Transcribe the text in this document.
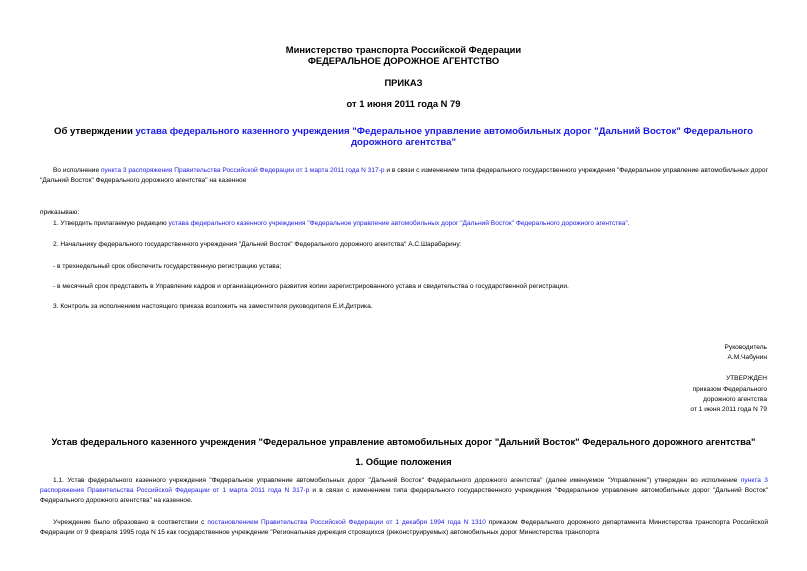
Министерство транспорта Российской Федерации
ФЕДЕРАЛЬНОЕ ДОРОЖНОЕ АГЕНТСТВО
ПРИКАЗ
от 1 июня 2011 года N 79
Об утверждении устава федерального казенного учреждения "Федеральное управление автомобильных дорог "Дальний Восток" Федерального дорожного агентства"
Во исполнение пункта 3 распоряжения Правительства Российской Федерации от 1 марта 2011 года N 317-р и в связи с изменением типа федерального государственного учреждения "Федеральное управление автомобильных дорог "Дальний Восток" Федерального дорожного агентства" на казенное
приказываю:
1. Утвердить прилагаемую редакцию устава федерального казенного учреждения "Федеральное управление автомобильных дорог "Дальний Восток" Федерального дорожного агентства".
2. Начальнику федерального государственного учреждения "Дальний Восток" Федерального дорожного агентства" А.С.Шарабарину:
- в трехнедельный срок обеспечить государственную регистрацию устава;
- в месячный срок представить в Управление кадров и организационного развития копии зарегистрированного устава и свидетельства о государственной регистрации.
3. Контроль за исполнением настоящего приказа возложить на заместителя руководителя Е.И.Дитрика.
Руководитель
А.М.Чабунин
УТВЕРЖДЕН
приказом Федерального
дорожного агентства
от 1 июня 2011 года N 79
Устав федерального казенного учреждения "Федеральное управление автомобильных дорог "Дальний Восток" Федерального дорожного агентства"
1. Общие положения
1.1. Устав федерального казенного учреждения "Федеральное управление автомобильных дорог "Дальний Восток" Федерального дорожного агентства" (далее именуемое "Управление") утвержден во исполнение пункта 3 распоряжения Правительства Российской Федерации от 1 марта 2011 года N 317-р и в связи с изменением типа федерального государственного учреждения "Федеральное управление автомобильных дорог "Дальний Восток" Федерального дорожного агентства" на казенное.
Учреждение было образовано в соответствии с постановлением Правительства Российской Федерации от 1 декабря 1994 года N 1310 приказом Федерального дорожного департамента Министерства транспорта Российской Федерации от 9 февраля 1995 года N 15 как государственное учреждение "Региональная дирекция строящихся (реконструируемых) автомобильных дорог Министерства транспорта
